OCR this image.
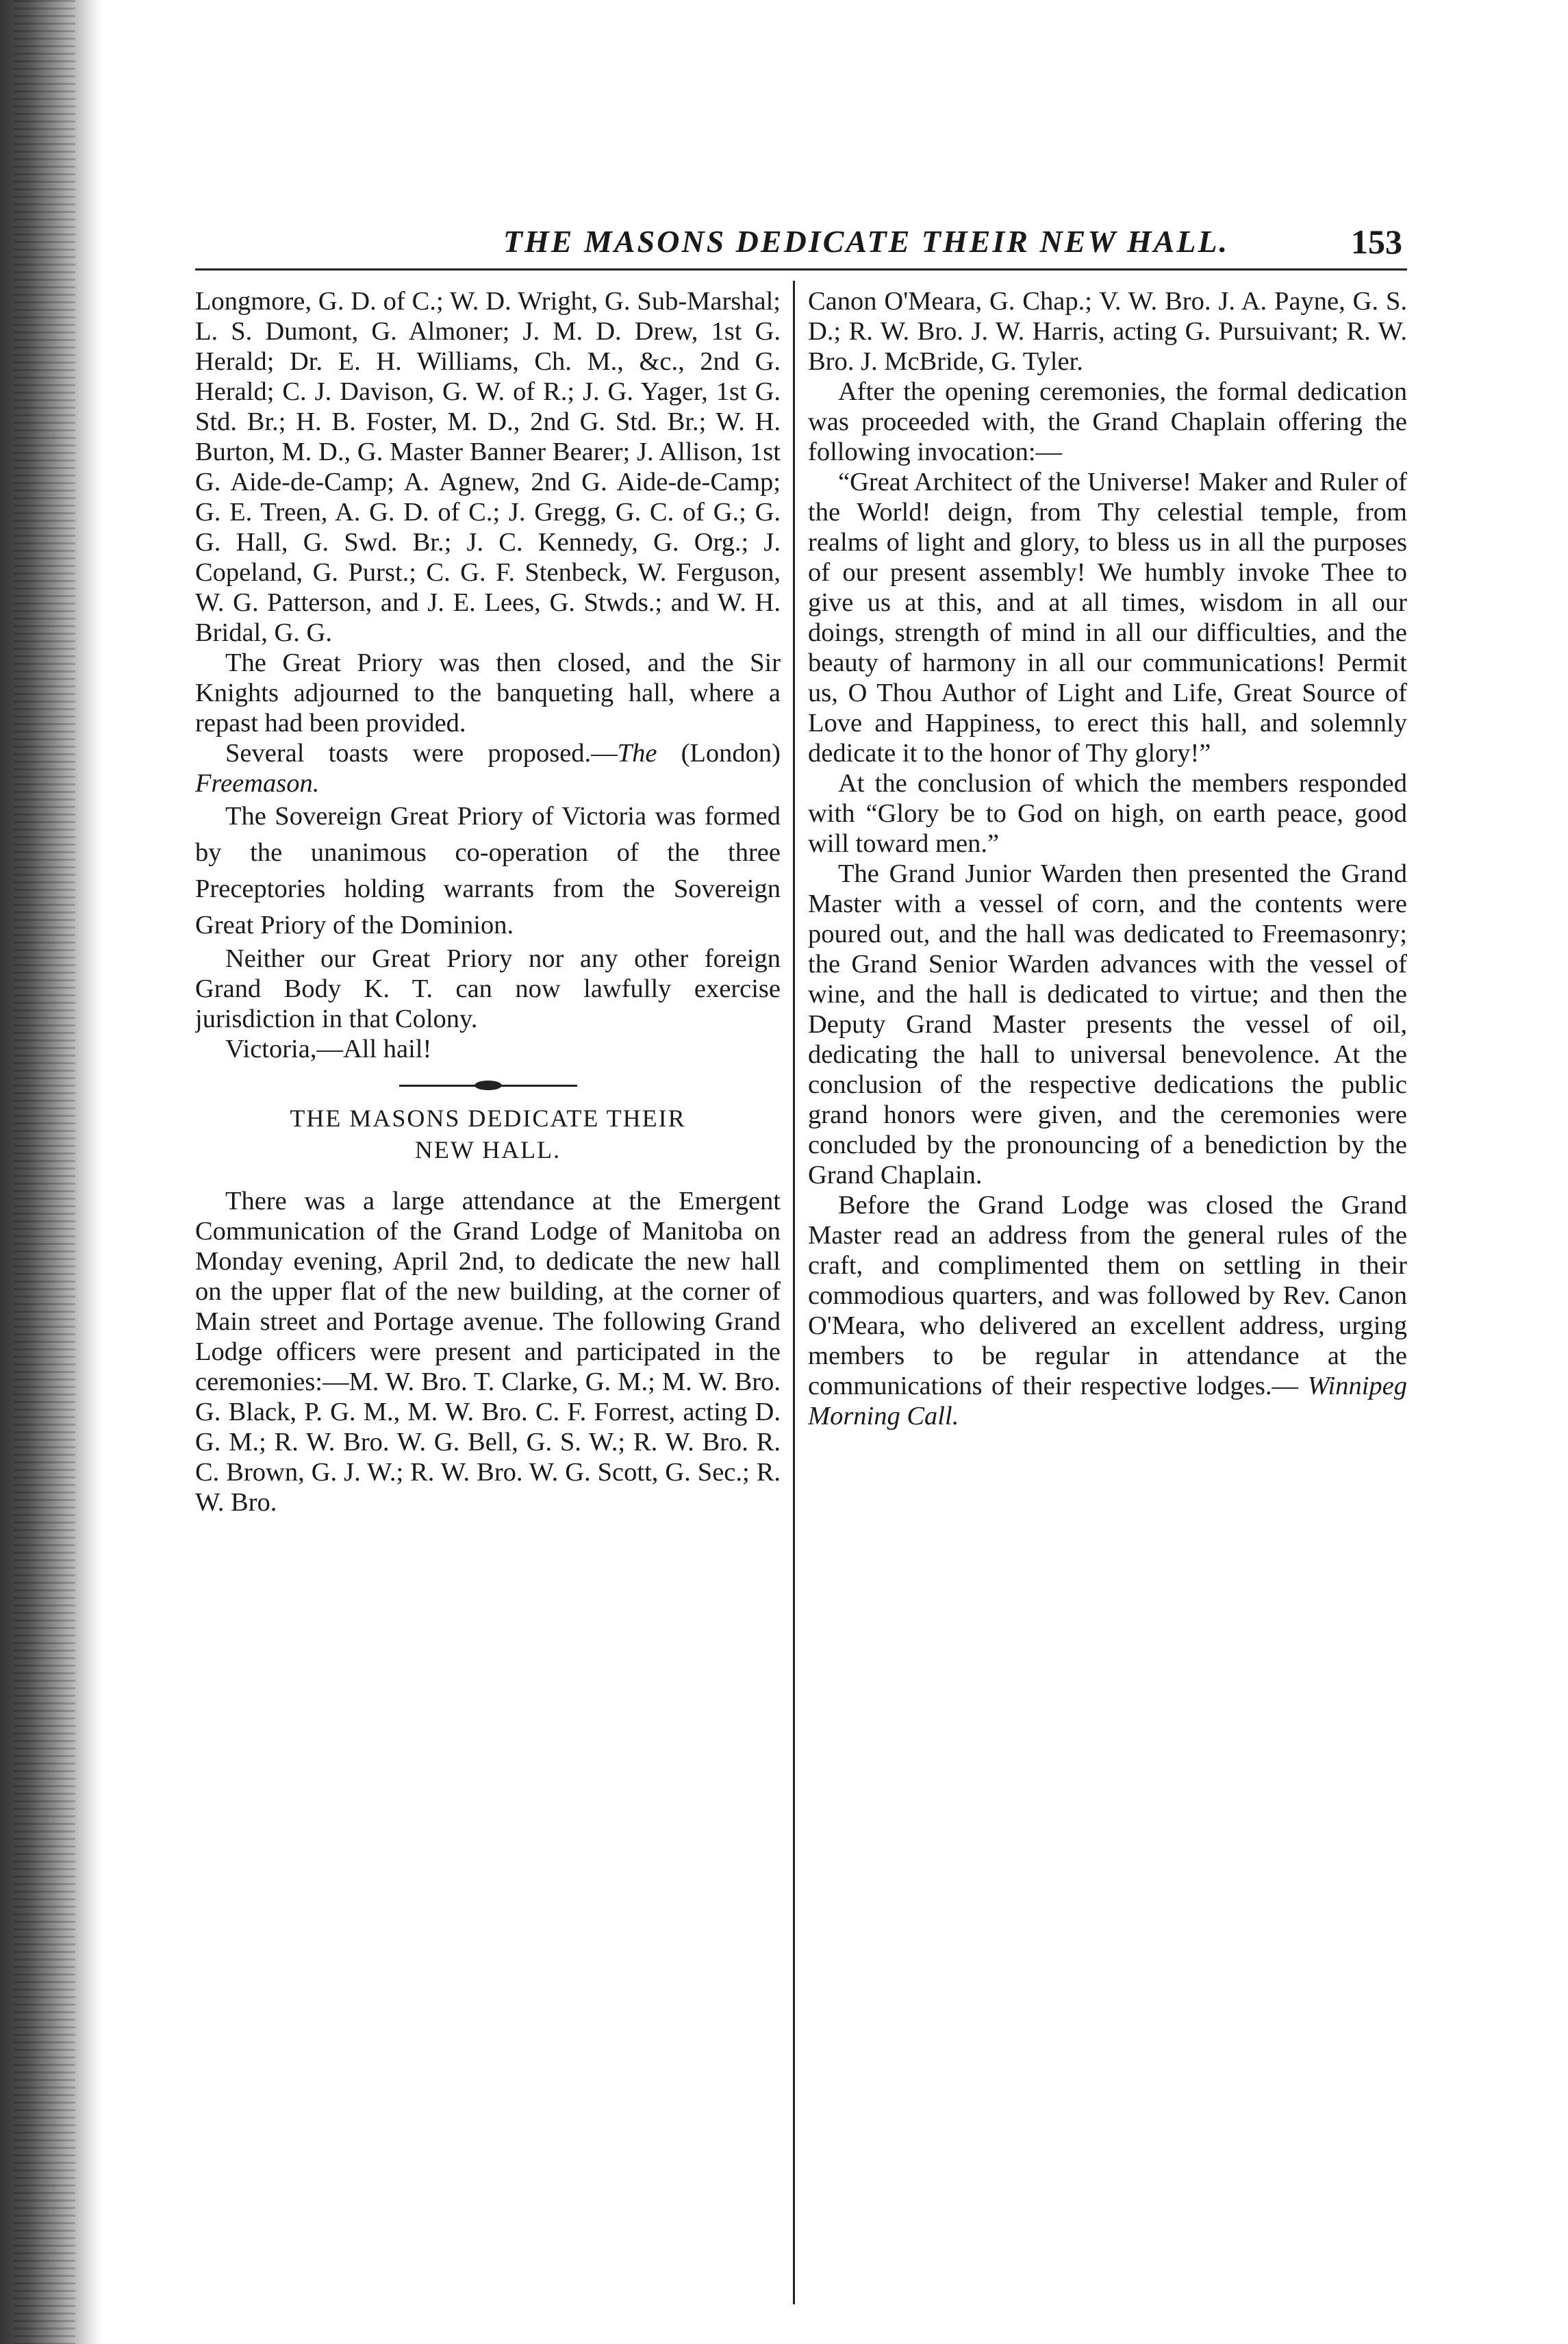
THE MASONS DEDICATE THEIR NEW HALL.	153

Longmore, G. D. of C.; W. D. Wright, G. Sub-Marshal; L. S. Dumont, G. Almoner; J. M. D. Drew, 1st G. Herald; Dr. E. H. Williams, Ch. M., &c., 2nd G. Herald; C. J. Davison, G. W. of R.; J. G. Yager, 1st G. Std. Br.; H. B. Foster, M. D., 2nd G. Std. Br.; W. H. Burton, M. D., G. Master Banner Bearer; J. Allison, 1st G. Aide-de-Camp; A. Agnew, 2nd G. Aide-de-Camp; G. E. Treen, A. G. D. of C.; J. Gregg, G. C. of G.; G. G. Hall, G. Swd. Br.; J. C. Kennedy, G. Org.; J. Copeland, G. Purst.; C. G. F. Stenbeck, W. Ferguson, W. G. Patterson, and J. E. Lees, G. Stwds.; and W. H. Bridal, G. G.

The Great Priory was then closed, and the Sir Knights adjourned to the banqueting hall, where a repast had been provided.

Several toasts were proposed.—The (London) Freemason.

The Sovereign Great Priory of Victoria was formed by the unanimous co-operation of the three Preceptories holding warrants from the Sovereign Great Priory of the Dominion.

Neither our Great Priory nor any other foreign Grand Body K. T. can now lawfully exercise jurisdiction in that Colony.

Victoria,—All hail!

THE MASONS DEDICATE THEIR
NEW HALL.

There was a large attendance at the Emergent Communication of the Grand Lodge of Manitoba on Monday evening, April 2nd, to dedicate the new hall on the upper flat of the new building, at the corner of Main street and Portage avenue. The following Grand Lodge officers were present and participated in the ceremonies:—M. W. Bro. T. Clarke, G. M.; M. W. Bro. G. Black, P. G. M., M. W. Bro. C. F. Forrest, acting D. G. M.; R. W. Bro. W. G. Bell, G. S. W.; R. W. Bro. R. C. Brown, G. J. W.; R. W. Bro. W. G. Scott, G. Sec.; R. W. Bro.

Canon O'Meara, G. Chap.; V. W. Bro. J. A. Payne, G. S. D.; R. W. Bro. J. W. Harris, acting G. Pursuivant; R. W. Bro. J. McBride, G. Tyler.

After the opening ceremonies, the formal dedication was proceeded with, the Grand Chaplain offering the following invocation:—

“Great Architect of the Universe! Maker and Ruler of the World! deign, from Thy celestial temple, from realms of light and glory, to bless us in all the purposes of our present assembly! We humbly invoke Thee to give us at this, and at all times, wisdom in all our doings, strength of mind in all our difficulties, and the beauty of harmony in all our communications! Permit us, O Thou Author of Light and Life, Great Source of Love and Happiness, to erect this hall, and solemnly dedicate it to the honor of Thy glory!”

At the conclusion of which the members responded with “Glory be to God on high, on earth peace, good will toward men.”

The Grand Junior Warden then presented the Grand Master with a vessel of corn, and the contents were poured out, and the hall was dedicated to Freemasonry; the Grand Senior Warden advances with the vessel of wine, and the hall is dedicated to virtue; and then the Deputy Grand Master presents the vessel of oil, dedicating the hall to universal benevolence. At the conclusion of the respective dedications the public grand honors were given, and the ceremonies were concluded by the pronouncing of a benediction by the Grand Chaplain.

Before the Grand Lodge was closed the Grand Master read an address from the general rules of the craft, and complimented them on settling in their commodious quarters, and was followed by Rev. Canon O'Meara, who delivered an excellent address, urging members to be regular in attendance at the communications of their respective lodges.— Winnipeg Morning Call.
